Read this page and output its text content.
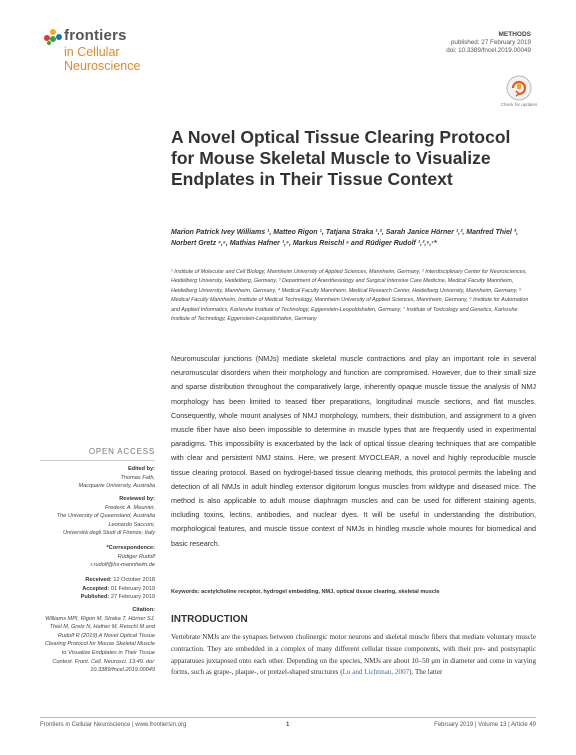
frontiers
in Cellular Neuroscience
METHODS
published: 27 February 2019
doi: 10.3389/fncel.2019.00049
Check for updates
A Novel Optical Tissue Clearing Protocol for Mouse Skeletal Muscle to Visualize Endplates in Their Tissue Context
Marion Patrick Ivey Williams ¹, Matteo Rigon ¹, Tatjana Straka ¹,², Sarah Janice Hörner ¹,², Manfred Thiel ³, Norbert Gretz ⁴,⁵, Mathias Hafner ¹,⁶, Markus Reischl ⁶ and Rüdiger Rudolf ¹,²,⁶,⁷*
¹ Institute of Molecular and Cell Biology, Mannheim University of Applied Sciences, Mannheim, Germany, ² Interdisciplinary Center for Neurosciences, Heidelberg University, Heidelberg, Germany, ³ Department of Anesthesiology and Surgical Intensive Care Medicine, Medical Faculty Mannheim, Heidelberg University, Mannheim, Germany, ⁴ Medical Faculty Mannheim, Medical Research Center, Heidelberg University, Mannheim, Germany, ⁵ Medical Faculty Mannheim, Institute of Medical Technology, Mannheim University of Applied Sciences, Mannheim, Germany, ⁶ Institute for Automation and Applied Informatics, Karlsruhe Institute of Technology, Eggenstein-Leopoldshafen, Germany, ⁷ Institute of Toxicology and Genetics, Karlsruhe Institute of Technology, Eggenstein-Leopoldshafen, Germany
OPEN ACCESS
Edited by:
Thomas Fath,
Macquarie University, Australia
Reviewed by:
Frederic A. Meunier,
The University of Queensland, Australia
Leonardo Sacconi,
Università degli Studi di Firenze, Italy
*Correspondence:
Rüdiger Rudolf
r.rudolf@hs-mannheim.de
Received: 12 October 2018
Accepted: 01 February 2019
Published: 27 February 2019
Citation:
Williams MPI, Rigon M, Straka T, Hörner SJ, Thiel M, Gretz N, Hafner M, Reischl M and Rudolf R (2019) A Novel Optical Tissue Clearing Protocol for Mouse Skeletal Muscle to Visualize Endplates in Their Tissue Context. Front. Cell. Neurosci. 13:49. doi: 10.3389/fncel.2019.00049
Neuromuscular junctions (NMJs) mediate skeletal muscle contractions and play an important role in several neuromuscular disorders when their morphology and function are compromised. However, due to their small size and sparse distribution throughout the comparatively large, inherently opaque muscle tissue the analysis of NMJ morphology has been limited to teased fiber preparations, longitudinal muscle sections, and flat muscles. Consequently, whole mount analyses of NMJ morphology, numbers, their distribution, and assignment to a given muscle fiber have also been impossible to determine in muscle types that are frequently used in experimental paradigms. This impossibility is exacerbated by the lack of optical tissue clearing techniques that are compatible with clear and persistent NMJ stains. Here, we present MYOCLEAR, a novel and highly reproducible muscle tissue clearing protocol. Based on hydrogel-based tissue clearing methods, this protocol permits the labeling and detection of all NMJs in adult hindleg extensor digitorum longus muscles from wildtype and diseased mice. The method is also applicable to adult mouse diaphragm muscles and can be used for different staining agents, including toxins, lectins, antibodies, and nuclear dyes. It will be useful in understanding the distribution, morphological features, and muscle tissue context of NMJs in hindleg muscle whole mounts for biomedical and basic research.
Keywords: acetylcholine receptor, hydrogel embedding, NMJ, optical tissue clearing, skeletal muscle
INTRODUCTION
Vertebrate NMJs are the synapses between cholinergic motor neurons and skeletal muscle fibers that mediate voluntary muscle contraction. They are embedded in a complex of many different cellular tissue components, with their pre- and postsynaptic apparatuses juxtaposed onto each other. Depending on the species, NMJs are about 10–50 μm in diameter and come in varying forms, such as grape-, plaque-, or pretzel-shaped structures (Lu and Lichtman, 2007). The latter
Frontiers in Cellular Neuroscience | www.frontiersin.org	1	February 2019 | Volume 13 | Article 49
